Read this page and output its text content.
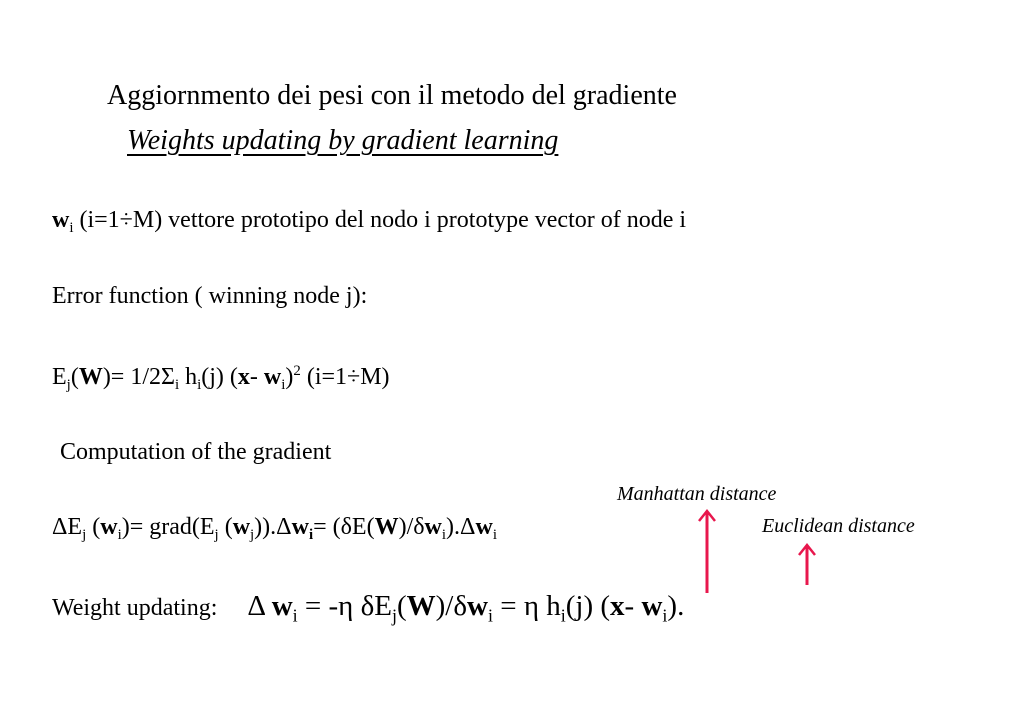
Aggiornmento dei pesi con il metodo del gradiente
Weights updating by gradient learning
$w_i$ (i=1÷M) vettore prototipo del nodo i prototype vector of node i
Error function ( winning node j):
$E_j(W)= 1/2\Sigma_i$ $h_i(j)$ (x- $w_i)^2$ (i=1÷M)
Computation of the gradient
Manhattan distance
Euclidean distance
$\Delta E_j$ $(w_i)=$ $grad(E_j$ $(w_j)).\Delta w_i= (\delta E(W)/\delta w_i).\Delta w_i$
Weight updating: Δ $w_i = -\eta$ $\delta E_j(W)/\delta w_i = \eta$ $h_i(j)$ (x- $w_i$).
